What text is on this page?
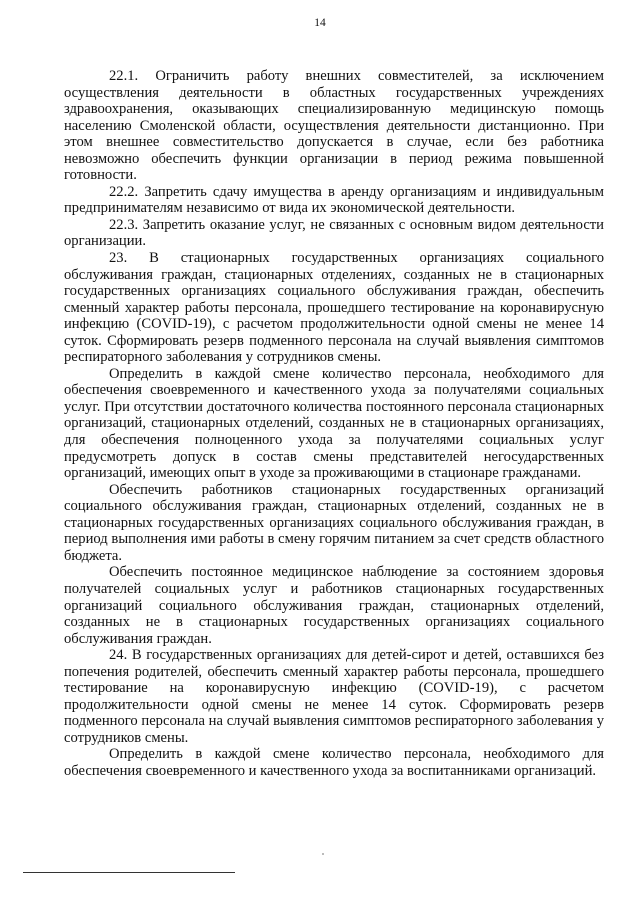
14

22.1. Ограничить работу внешних совместителей, за исключением осуществления деятельности в областных государственных учреждениях здравоохранения, оказывающих специализированную медицинскую помощь населению Смоленской области, осуществления деятельности дистанционно. При этом внешнее совместительство допускается в случае, если без работника невозможно обеспечить функции организации в период режима повышенной готовности.

22.2. Запретить сдачу имущества в аренду организациям и индивидуальным предпринимателям независимо от вида их экономической деятельности.

22.3. Запретить оказание услуг, не связанных с основным видом деятельности организации.

23. В стационарных государственных организациях социального обслуживания граждан, стационарных отделениях, созданных не в стационарных государственных организациях социального обслуживания граждан, обеспечить сменный характер работы персонала, прошедшего тестирование на коронавирусную инфекцию (COVID-19), с расчетом продолжительности одной смены не менее 14 суток. Сформировать резерв подменного персонала на случай выявления симптомов респираторного заболевания у сотрудников смены.

Определить в каждой смене количество персонала, необходимого для обеспечения своевременного и качественного ухода за получателями социальных услуг. При отсутствии достаточного количества постоянного персонала стационарных организаций, стационарных отделений, созданных не в стационарных организациях, для обеспечения полноценного ухода за получателями социальных услуг предусмотреть допуск в состав смены представителей негосударственных организаций, имеющих опыт в уходе за проживающими в стационаре гражданами.

Обеспечить работников стационарных государственных организаций социального обслуживания граждан, стационарных отделений, созданных не в стационарных государственных организациях социального обслуживания граждан, в период выполнения ими работы в смену горячим питанием за счет средств областного бюджета.

Обеспечить постоянное медицинское наблюдение за состоянием здоровья получателей социальных услуг и работников стационарных государственных организаций социального обслуживания граждан, стационарных отделений, созданных не в стационарных государственных организациях социального обслуживания граждан.

24. В государственных организациях для детей-сирот и детей, оставшихся без попечения родителей, обеспечить сменный характер работы персонала, прошедшего тестирование на коронавирусную инфекцию (COVID-19), с расчетом продолжительности одной смены не менее 14 суток. Сформировать резерв подменного персонала на случай выявления симптомов респираторного заболевания у сотрудников смены.

Определить в каждой смене количество персонала, необходимого для обеспечения своевременного и качественного ухода за воспитанниками организаций.
